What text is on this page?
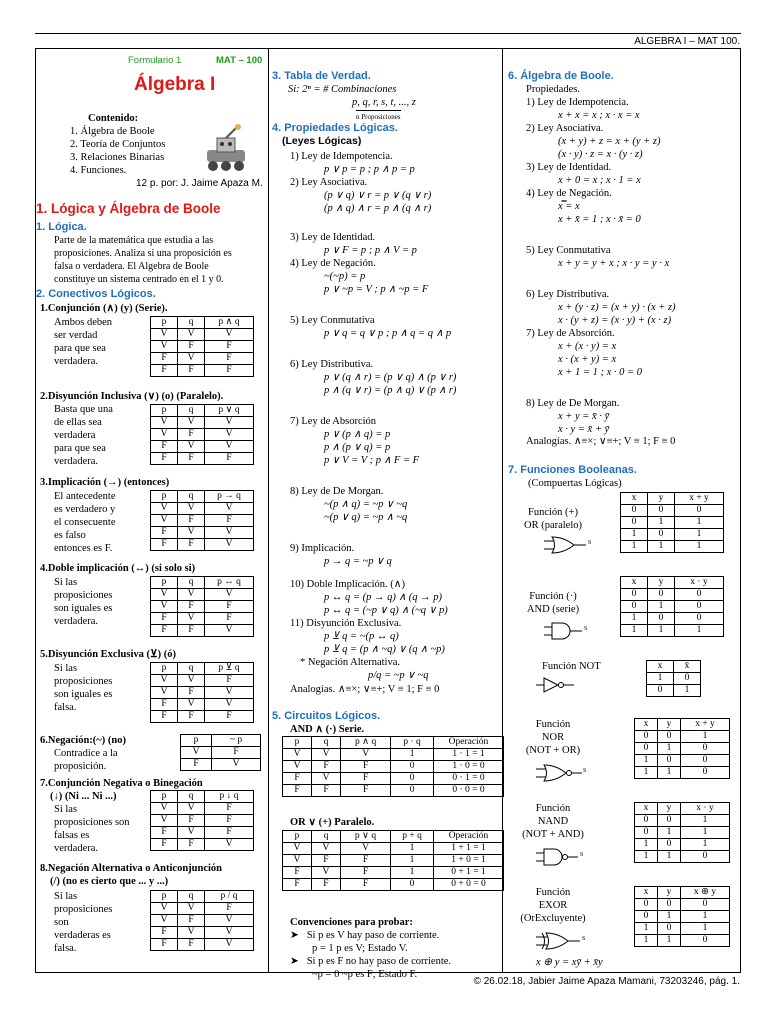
ALGEBRA I – MAT 100.
© 26.02.18, Jabier Jaime Apaza Mamani, 73203246, pág. 1.
Formulario 1	MAT – 100
Álgebra I
Contenido:
1. Álgebra de Boole
2. Teoría de Conjuntos
3. Relaciones Binarias
4. Funciones.
12 p. por: J. Jaime Apaza M.
1. Lógica y Álgebra de Boole
1. Lógica.
Parte de la matemática que estudia a las
proposiciones. Analiza si una proposición es
falsa o verdadera. El Algebra de Boole
constituye un sistema centrado en el 1 y 0.
2. Conectivos Lógicos.
1.Conjunción (∧) (y) (Serie).
Ambos deben
ser verdad
para que sea
verdadera.
p	q	p ∧ q
V	V	V
V	F	F
F	V	F
F	F	F
2.Disyunción Inclusiva (∨) (o) (Paralelo).
Basta que una
de ellas sea
verdadera
para que sea
verdadera.
p	q	p ∨ q
V	V	V
V	F	V
F	V	V
F	F	F
3.Implicación (→) (entonces)
El antecedente
es verdadero y
el consecuente
es falso
entonces es F.
p	q	p → q
V	V	V
V	F	F
F	V	V
F	F	V
4.Doble implicación (↔) (si solo si)
Si las
proposiciones
son iguales es
verdadera.
p	q	p ↔ q
V	V	V
V	F	F
F	V	F
F	F	V
5.Disyunción Exclusiva (⊻) (ó)
Si las
proposiciones
son iguales es
falsa.
p	q	p ⊻ q
V	V	F
V	F	V
F	V	V
F	F	F
6.Negación:(~) (no)
Contradice a la
proposición.
p	~ p
V	F
F	V
7.Conjunción Negativa o Binegación
(↓) (Ni ... Ni ...)
Si las
proposiciones son
falsas es
verdadera.
p	q	p ↓ q
V	V	F
V	F	F
F	V	F
F	F	V
8.Negación Alternativa o Anticonjunción
(/) (no es cierto que ... y ...)
Si las
proposiciones
son
verdaderas es
falsa.
p	q	p / q
V	V	F
V	F	V
F	V	V
F	F	V
3. Tabla de Verdad.
Si: 2ⁿ = # Combinaciones
p, q, r, s, t, ..., z
n Proposiciones
4. Propiedades Lógicas.
(Leyes Lógicas)
1) Ley de Idempotencia.
p ∨ p = p ; p ∧ p = p
2) Ley Asociativa.
(p ∨ q) ∨ r = p ∨ (q ∨ r)
(p ∧ q) ∧ r = p ∧ (q ∧ r)
3) Ley de Identidad.
p ∨ F = p ; p ∧ V = p
4) Ley de Negación.
~(~p) = p
p ∨ ~p = V ; p ∧ ~p = F
5) Ley Conmutativa
p ∨ q = q ∨ p ; p ∧ q = q ∧ p
6) Ley Distributiva.
p ∨ (q ∧ r) = (p ∨ q) ∧ (p ∨ r)
p ∧ (q ∨ r) = (p ∧ q) ∨ (p ∧ r)
7) Ley de Absorción
p ∨ (p ∧ q) = p
p ∧ (p ∨ q) = p
p ∨ V = V ; p ∧ F = F
8) Ley de De Morgan.
~(p ∧ q) = ~p ∨ ~q
~(p ∨ q) = ~p ∧ ~q
9) Implicación.
p → q = ~p ∨ q
10) Doble Implicación. (∧)
p ↔ q = (p → q) ∧ (q → p)
p ↔ q = (~p ∨ q) ∧ (~q ∨ p)
11) Disyunción Exclusiva.
p ⊻ q = ~(p ↔ q)
p ⊻ q = (p ∧ ~q) ∨ (q ∧ ~p)
* Negación Alternativa.
p/q = ~p ∨ ~q
Analogías. ∧≡×; ∨≡+; V ≡ 1; F ≡ 0
5. Circuitos Lógicos.
AND ∧ (·) Serie.
p	q	p ∧ q	p · q	Operación
V	V	V	1	1 · 1 = 1
V	F	F	0	1 · 0 = 0
F	V	F	0	0 · 1 = 0
F	F	F	0	0 · 0 = 0
OR ∨ (+) Paralelo.
p	q	p ∨ q	p + q	Operación
V	V	V	1	1 + 1 = 1
V	F	F	1	1 + 0 = 1
F	V	F	1	0 + 1 = 1
F	F	F	0	0 + 0 = 0
Convenciones para probar:
➤   Si p es V hay paso de corriente.
p = 1 p es V; Estado V.
➤   Si p es F no hay paso de corriente.
~p = 0 ~p es F; Estado F.
6. Álgebra de Boole.
Propiedades.
1) Ley de Idempotencia.
x + x = x ; x · x = x
2) Ley Asociativa.
(x + y) + z = x + (y + z)
(x · y) · z = x · (y · z)
3) Ley de Identidad.
x + 0 = x ; x · 1 = x
4) Ley de Negación.
x̿ = x
x + x̄ = 1 ; x · x̄ = 0
5) Ley Conmutativa
x + y = y + x ; x · y = y · x
6) Ley Distributiva.
x + (y · z) = (x + y) · (x + z)
x · (y + z) = (x · y) + (x · z)
7) Ley de Absorción.
x + (x · y) = x
x · (x + y) = x
x + 1 = 1 ; x · 0 = 0
8) Ley de De Morgan.
x + y = x̄ · ȳ
x · y = x̄ + ȳ
Analogías. ∧≡×; ∨≡+; V ≡ 1; F ≡ 0
7. Funciones Booleanas.
(Compuertas Lógicas)
x	y	x + y
0	0	0
0	1	1
1	0	1
1	1	1
Función (+)
OR (paralelo)
S
x	y	x · y
0	0	0
0	1	0
1	0	0
1	1	1
Función (·)
AND (serie)
S
Función NOT	x	x̄
1	0
0	1
x	y	x + y
0	0	1
0	1	0
1	0	0
1	1	0
Función
NOR
(NOT + OR)
S
x	y	x · y
0	0	1
0	1	1
1	0	1
1	1	0
Función
NAND
(NOT + AND)
S
x	y	x ⊕ y
0	0	0
0	1	1
1	0	1
1	1	0
Función
EXOR
(OrExcluyente)
S
x ⊕ y = xȳ + x̄y
